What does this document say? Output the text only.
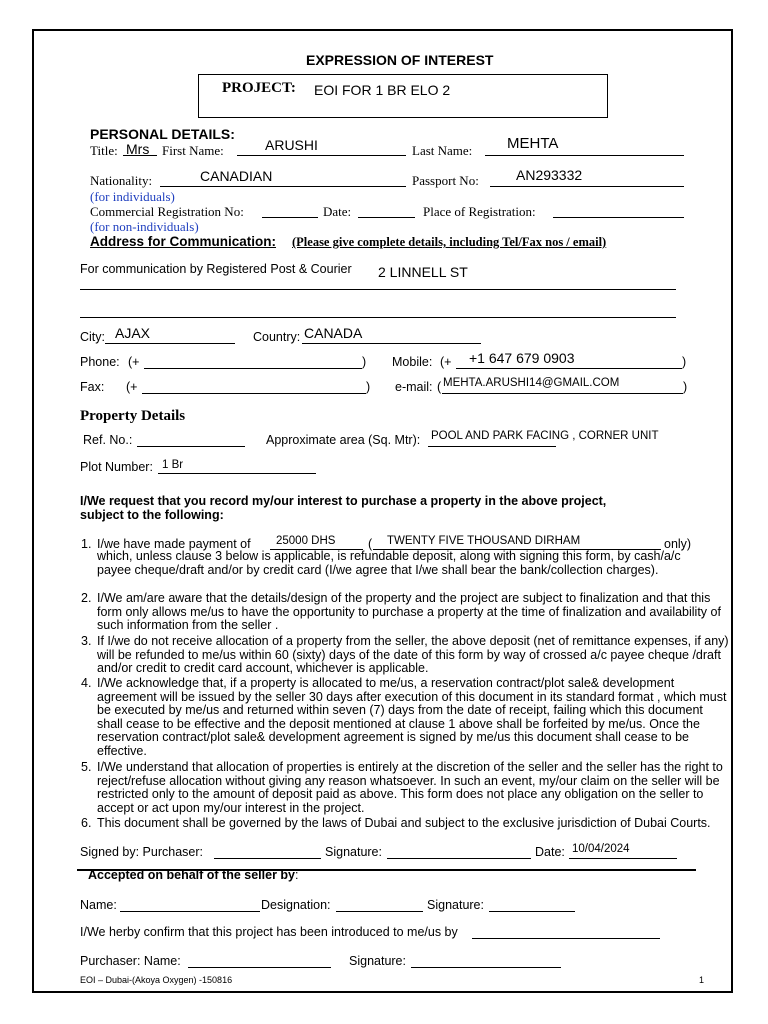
EXPRESSION OF INTEREST
PROJECT: EOI FOR 1 BR ELO 2
PERSONAL DETAILS:
Title: Mrs First Name:	ARUSHI	Last Name: MEHTA
Nationality:	CANADIAN	Passport No:	AN293332
(for individuals)
Commercial Registration No:	Date:	Place of Registration:
(for non-individuals)
Address for Communication: (Please give complete details, including Tel/Fax nos / email)
For communication by Registered Post & Courier 2 LINNELL ST
City: AJAX	Country: CANADA
Phone: (+	) Mobile: (+ +1 647 679 0903	)
Fax: (+	) e-mail: ( MEHTA.ARUSHI14@GMAIL.COM	)
Property Details
Ref. No.:	Approximate area (Sq. Mtr): POOL AND PARK FACING , CORNER UNIT
Plot Number: 1 Br
I/We request that you record my/our interest to purchase a property in the above project,
subject to the following:
1. I/we have made payment of 25000 DHS	( TWENTY FIVE THOUSAND DIRHAM	only)
which, unless clause 3 below is applicable, is refundable deposit, along with signing this form, by cash/a/c payee cheque/draft and/or by credit card (I/we agree that I/we shall bear the bank/collection charges).
2. I/We am/are aware that the details/design of the property and the project are subject to finalization and that this form only allows me/us to have the opportunity to purchase a property at the time of finalization and availability of such information from the seller .
3. If I/we do not receive allocation of a property from the seller, the above deposit (net of remittance expenses, if any) will be refunded to me/us within 60 (sixty) days of the date of this form by way of crossed a/c payee cheque /draft and/or credit to credit card account, whichever is applicable.
4. I/We acknowledge that, if a property is allocated to me/us, a reservation contract/plot sale& development agreement will be issued by the seller 30 days after execution of this document in its standard format , which must be executed by me/us and returned within seven (7) days from the date of receipt, failing which this document shall cease to be effective and the deposit mentioned at clause 1 above shall be forfeited by me/us. Once the reservation contract/plot sale& development agreement is signed by me/us this document shall cease to be effective.
5. I/We understand that allocation of properties is entirely at the discretion of the seller and the seller has the right to reject/refuse allocation without giving any reason whatsoever. In such an event, my/our claim on the seller will be restricted only to the amount of deposit paid as above. This form does not place any obligation on the seller to accept or act upon my/our interest in the project.
6. This document shall be governed by the laws of Dubai and subject to the exclusive jurisdiction of Dubai Courts.
Signed by: Purchaser:	Signature:	Date: 10/04/2024
Accepted on behalf of the seller by:
Name:	Designation:	Signature:
I/We herby confirm that this project has been introduced to me/us by
Purchaser: Name:	Signature:
EOI – Dubai-(Akoya Oxygen) -150816	1
